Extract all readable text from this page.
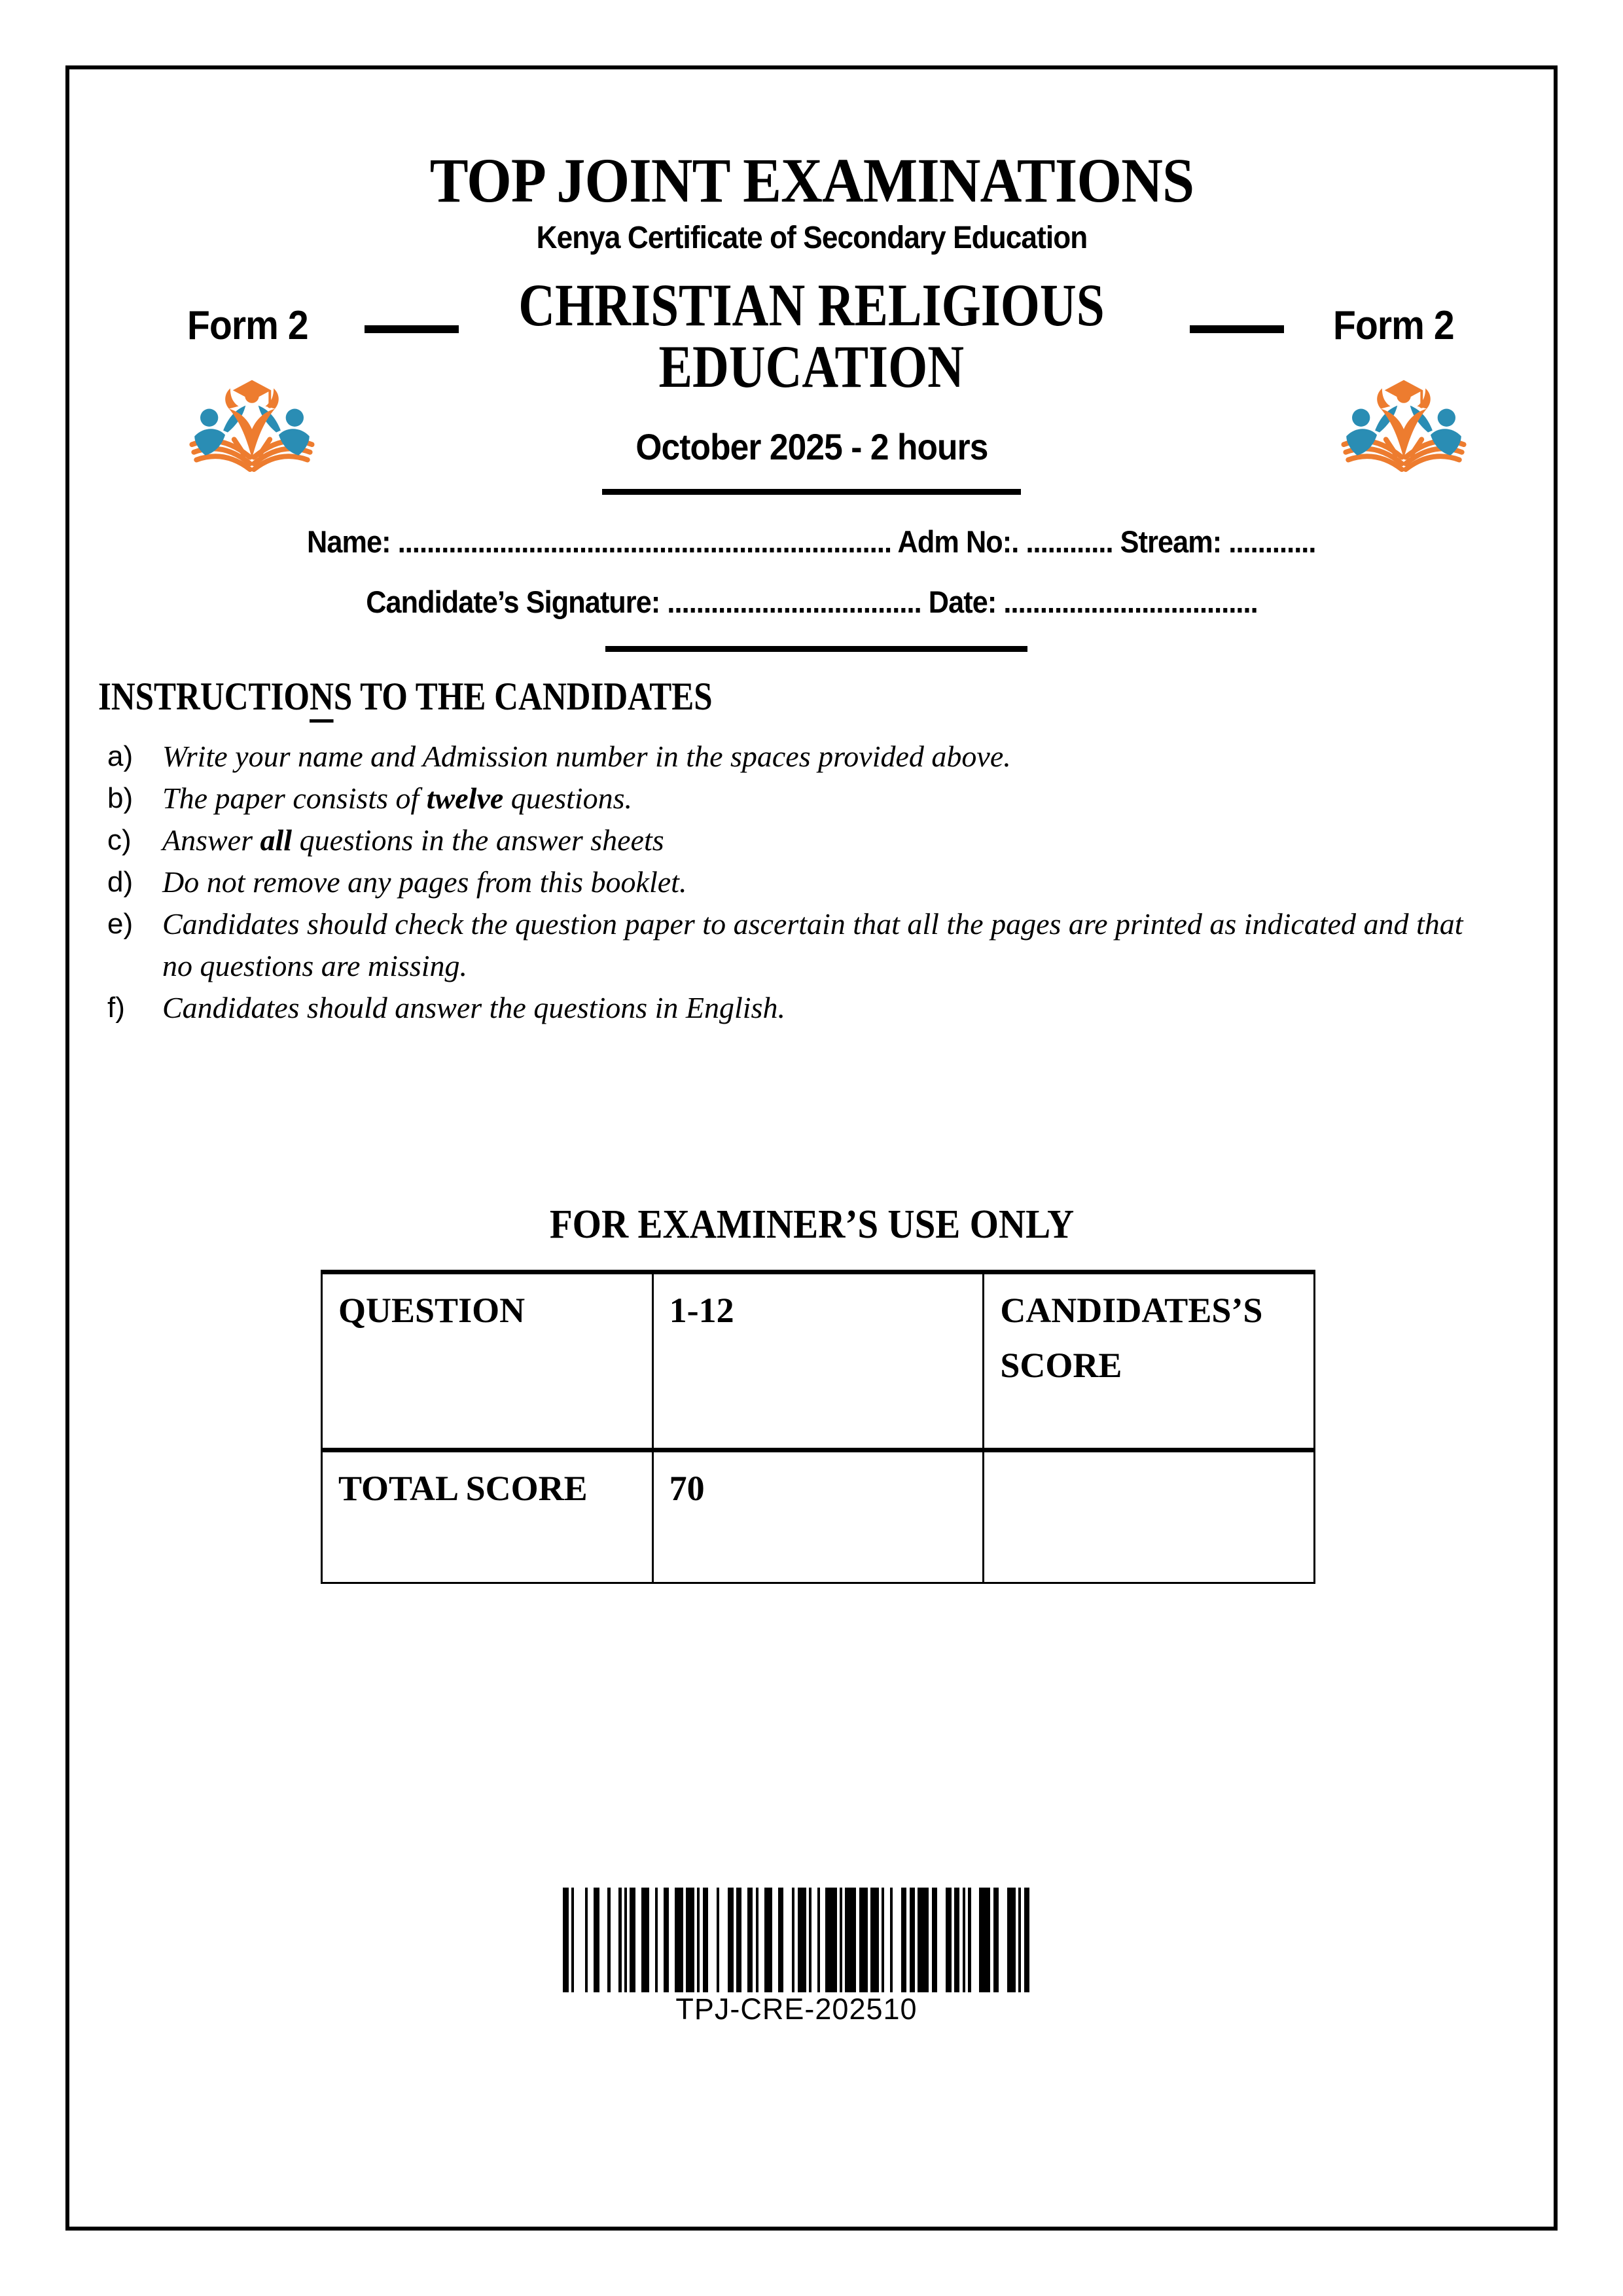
TOP JOINT EXAMINATIONS
Kenya Certificate of Secondary Education
Form 2	Form 2
CHRISTIAN RELIGIOUS
EDUCATION
October 2025 - 2 hours
Name: .................................................................... Adm No:. ............ Stream: ............
Candidate’s Signature: ................................... Date: ...................................
INSTRUCTIONS TO THE CANDIDATES
a) Write your name and Admission number in the spaces provided above.
b) The paper consists of twelve questions.
c)	Answer all questions in the answer sheets
d) Do not remove any pages from this booklet.
e) Candidates should check the question paper to ascertain that all the pages are printed as indicated and that no questions are missing.
f)	Candidates should answer the questions in English.
FOR EXAMINER’S USE ONLY
QUESTION	1-12	CANDIDATES’S SCORE
TOTAL SCORE	70	
TPJ-CRE-202510
